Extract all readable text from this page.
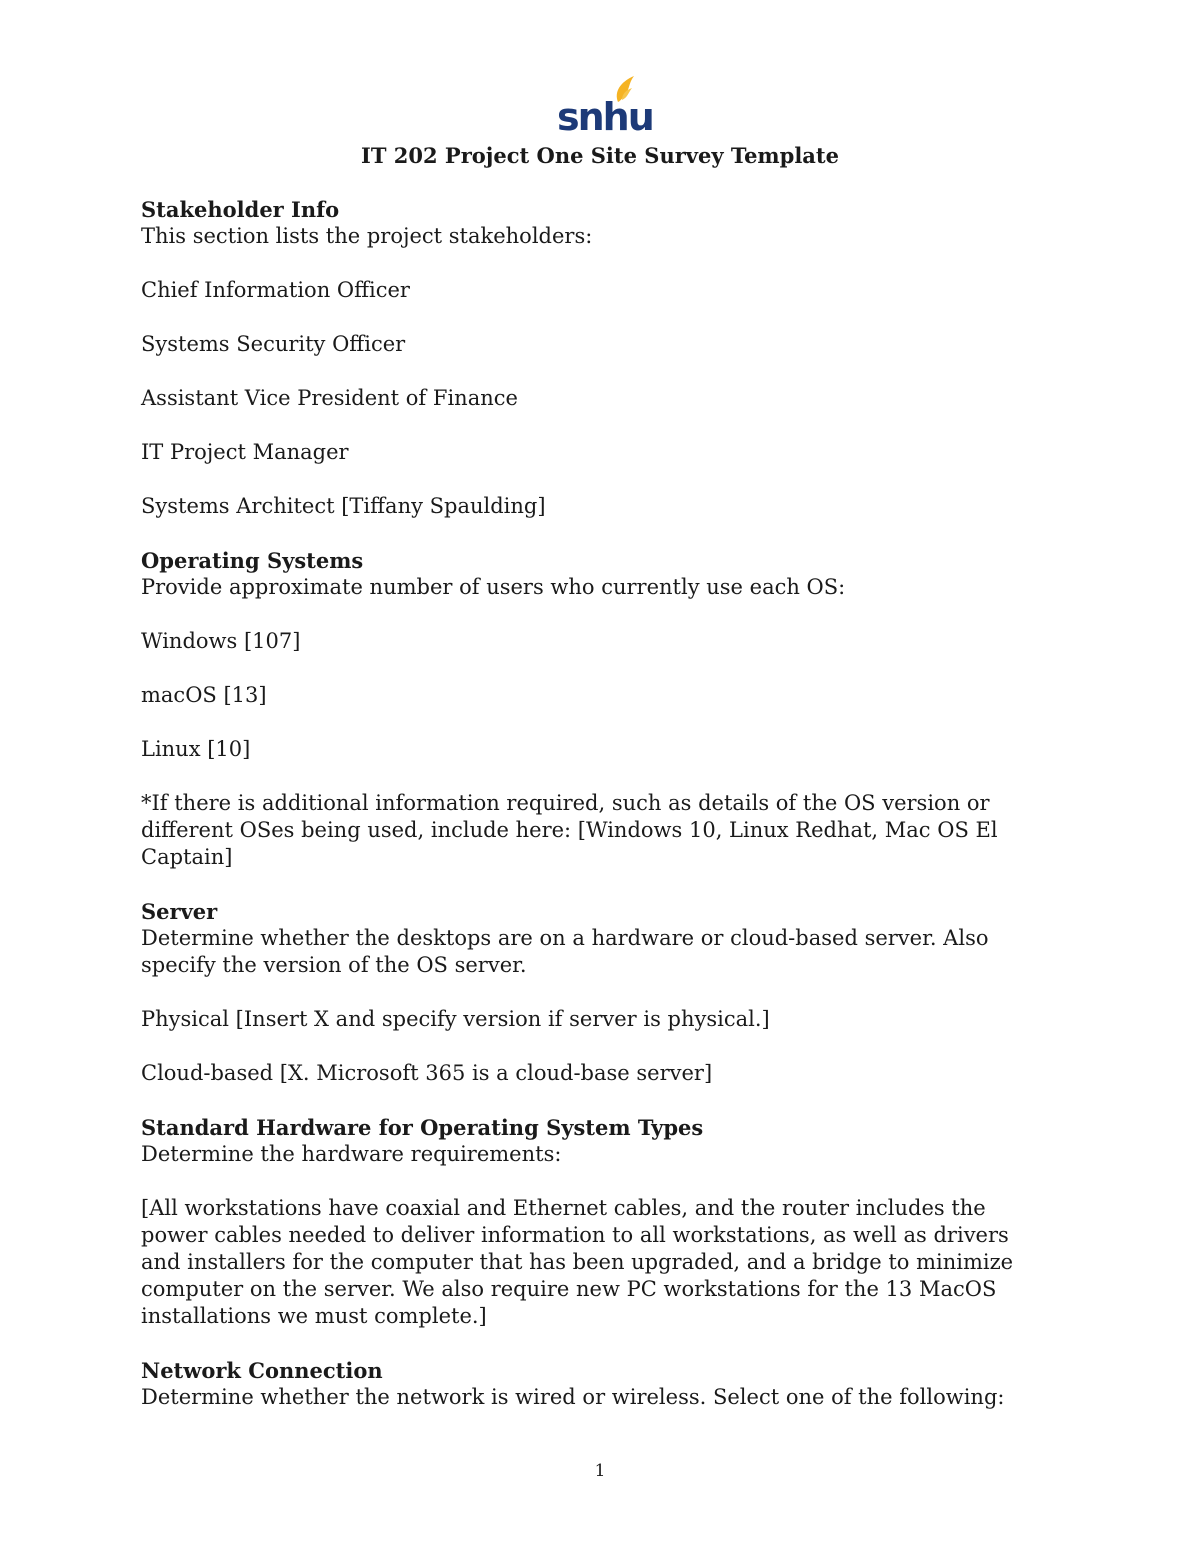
snhu
IT 202 Project One Site Survey Template
Stakeholder Info

This section lists the project stakeholders:

Chief Information Officer

Systems Security Officer

Assistant Vice President of Finance

IT Project Manager

Systems Architect [Tiffany Spaulding]

Operating Systems

Provide approximate number of users who currently use each OS:

Windows [107]

macOS [13]

Linux [10]

*If there is additional information required, such as details of the OS version or different OSes being used, include here: [Windows 10, Linux Redhat, Mac OS El Captain]

Server

Determine whether the desktops are on a hardware or cloud-based server. Also specify the version of the OS server.

Physical [Insert X and specify version if server is physical.]

Cloud-based [X. Microsoft 365 is a cloud-base server]

Standard Hardware for Operating System Types

Determine the hardware requirements:

[All workstations have coaxial and Ethernet cables, and the router includes the power cables needed to deliver information to all workstations, as well as drivers and installers for the computer that has been upgraded, and a bridge to minimize computer on the server. We also require new PC workstations for the 13 MacOS installations we must complete.]

Network Connection

Determine whether the network is wired or wireless. Select one of the following:

1
